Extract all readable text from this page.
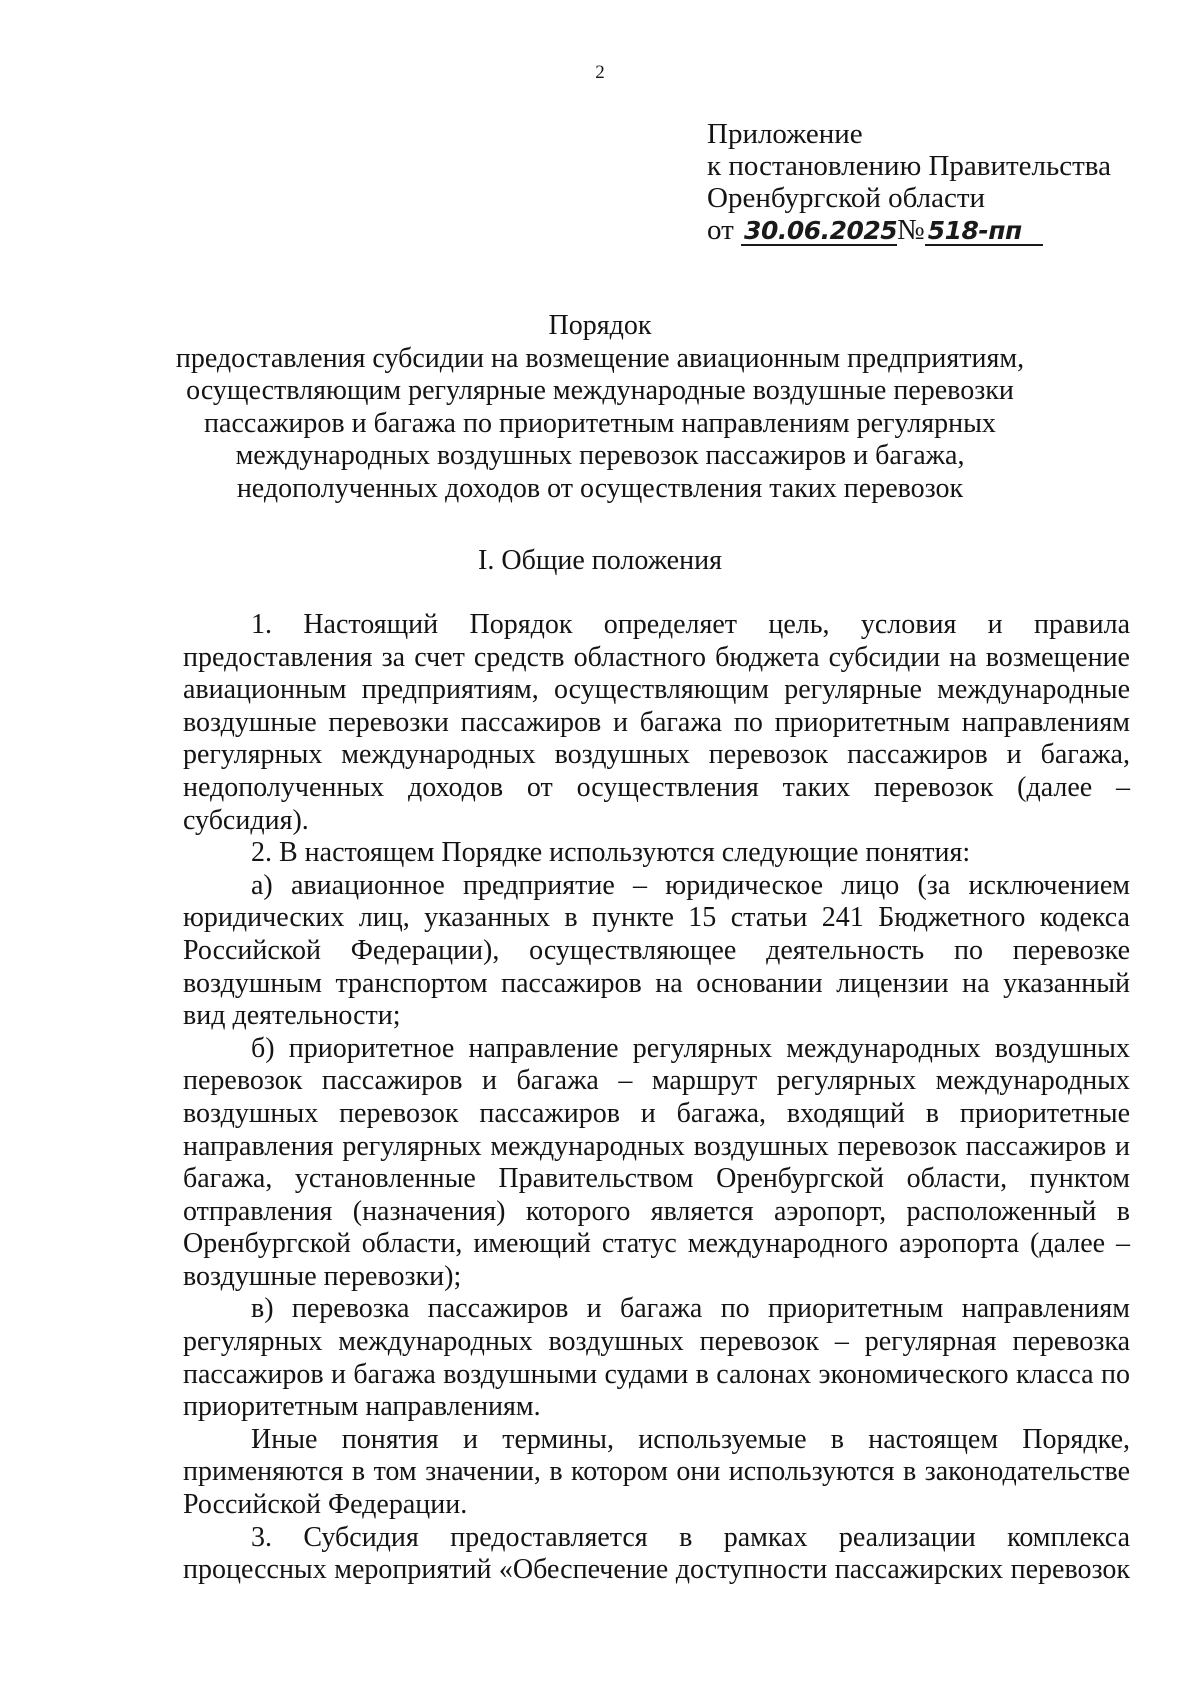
2
Приложение
к постановлению Правительства
Оренбургской области
от 30.06.2025№ 518-пп
Порядок
предоставления субсидии на возмещение авиационным предприятиям,
осуществляющим регулярные международные воздушные перевозки
пассажиров и багажа по приоритетным направлениям регулярных
международных воздушных перевозок пассажиров и багажа,
недополученных доходов от осуществления таких перевозок
I. Общие положения
1. Настоящий Порядок определяет цель, условия и правила
предоставления за счет средств областного бюджета субсидии на возмещение
авиационным предприятиям, осуществляющим регулярные международные
воздушные перевозки пассажиров и багажа по приоритетным направлениям
регулярных международных воздушных перевозок пассажиров и багажа,
недополученных доходов от осуществления таких перевозок (далее –
субсидия).
2. В настоящем Порядке используются следующие понятия:
а) авиационное предприятие – юридическое лицо (за исключением
юридических лиц, указанных в пункте 15 статьи 241 Бюджетного кодекса
Российской Федерации), осуществляющее деятельность по перевозке
воздушным транспортом пассажиров на основании лицензии на указанный
вид деятельности;
б) приоритетное направление регулярных международных воздушных
перевозок пассажиров и багажа – маршрут регулярных международных
воздушных перевозок пассажиров и багажа, входящий в приоритетные
направления регулярных международных воздушных перевозок пассажиров и
багажа, установленные Правительством Оренбургской области, пунктом
отправления (назначения) которого является аэропорт, расположенный в
Оренбургской области, имеющий статус международного аэропорта (далее –
воздушные перевозки);
в) перевозка пассажиров и багажа по приоритетным направлениям
регулярных международных воздушных перевозок – регулярная перевозка
пассажиров и багажа воздушными судами в салонах экономического класса по
приоритетным направлениям.
Иные понятия и термины, используемые в настоящем Порядке,
применяются в том значении, в котором они используются в законодательстве
Российской Федерации.
3. Субсидия предоставляется в рамках реализации комплекса
процессных мероприятий «Обеспечение доступности пассажирских перевозок
